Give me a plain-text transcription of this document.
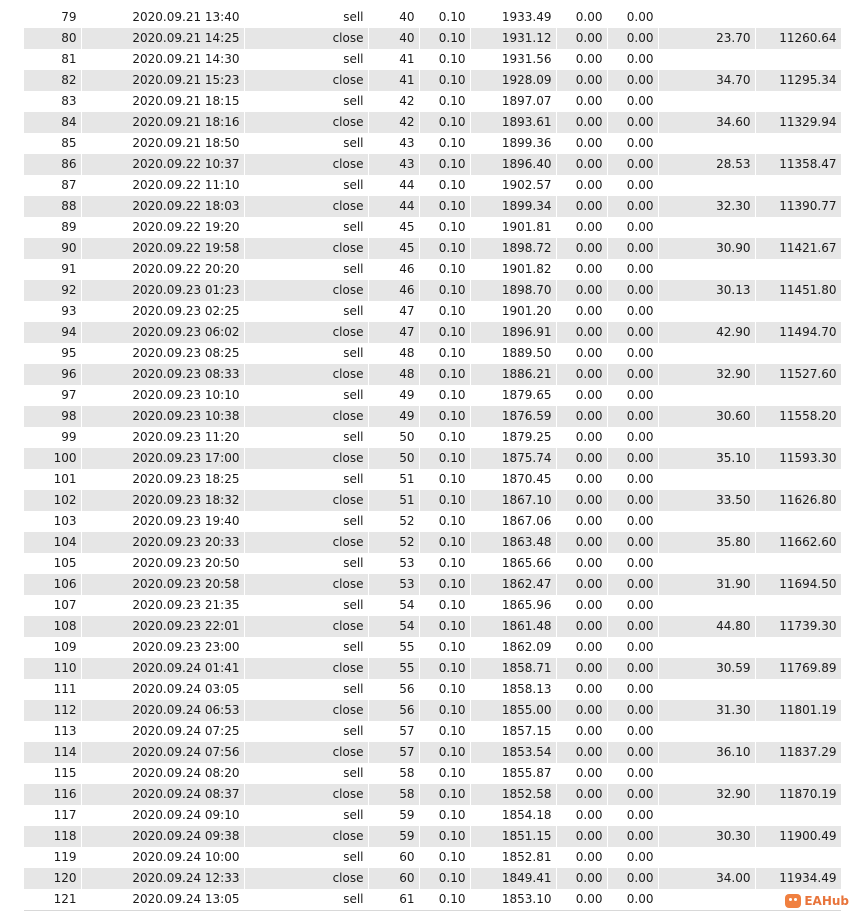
79	2020.09.21 13:40	sell	40	0.10	1933.49	0.00	0.00		
80	2020.09.21 14:25	close	40	0.10	1931.12	0.00	0.00	23.70	11260.64
81	2020.09.21 14:30	sell	41	0.10	1931.56	0.00	0.00		
82	2020.09.21 15:23	close	41	0.10	1928.09	0.00	0.00	34.70	11295.34
83	2020.09.21 18:15	sell	42	0.10	1897.07	0.00	0.00		
84	2020.09.21 18:16	close	42	0.10	1893.61	0.00	0.00	34.60	11329.94
85	2020.09.21 18:50	sell	43	0.10	1899.36	0.00	0.00		
86	2020.09.22 10:37	close	43	0.10	1896.40	0.00	0.00	28.53	11358.47
87	2020.09.22 11:10	sell	44	0.10	1902.57	0.00	0.00		
88	2020.09.22 18:03	close	44	0.10	1899.34	0.00	0.00	32.30	11390.77
89	2020.09.22 19:20	sell	45	0.10	1901.81	0.00	0.00		
90	2020.09.22 19:58	close	45	0.10	1898.72	0.00	0.00	30.90	11421.67
91	2020.09.22 20:20	sell	46	0.10	1901.82	0.00	0.00		
92	2020.09.23 01:23	close	46	0.10	1898.70	0.00	0.00	30.13	11451.80
93	2020.09.23 02:25	sell	47	0.10	1901.20	0.00	0.00		
94	2020.09.23 06:02	close	47	0.10	1896.91	0.00	0.00	42.90	11494.70
95	2020.09.23 08:25	sell	48	0.10	1889.50	0.00	0.00		
96	2020.09.23 08:33	close	48	0.10	1886.21	0.00	0.00	32.90	11527.60
97	2020.09.23 10:10	sell	49	0.10	1879.65	0.00	0.00		
98	2020.09.23 10:38	close	49	0.10	1876.59	0.00	0.00	30.60	11558.20
99	2020.09.23 11:20	sell	50	0.10	1879.25	0.00	0.00		
100	2020.09.23 17:00	close	50	0.10	1875.74	0.00	0.00	35.10	11593.30
101	2020.09.23 18:25	sell	51	0.10	1870.45	0.00	0.00		
102	2020.09.23 18:32	close	51	0.10	1867.10	0.00	0.00	33.50	11626.80
103	2020.09.23 19:40	sell	52	0.10	1867.06	0.00	0.00		
104	2020.09.23 20:33	close	52	0.10	1863.48	0.00	0.00	35.80	11662.60
105	2020.09.23 20:50	sell	53	0.10	1865.66	0.00	0.00		
106	2020.09.23 20:58	close	53	0.10	1862.47	0.00	0.00	31.90	11694.50
107	2020.09.23 21:35	sell	54	0.10	1865.96	0.00	0.00		
108	2020.09.23 22:01	close	54	0.10	1861.48	0.00	0.00	44.80	11739.30
109	2020.09.23 23:00	sell	55	0.10	1862.09	0.00	0.00		
110	2020.09.24 01:41	close	55	0.10	1858.71	0.00	0.00	30.59	11769.89
111	2020.09.24 03:05	sell	56	0.10	1858.13	0.00	0.00		
112	2020.09.24 06:53	close	56	0.10	1855.00	0.00	0.00	31.30	11801.19
113	2020.09.24 07:25	sell	57	0.10	1857.15	0.00	0.00		
114	2020.09.24 07:56	close	57	0.10	1853.54	0.00	0.00	36.10	11837.29
115	2020.09.24 08:20	sell	58	0.10	1855.87	0.00	0.00		
116	2020.09.24 08:37	close	58	0.10	1852.58	0.00	0.00	32.90	11870.19
117	2020.09.24 09:10	sell	59	0.10	1854.18	0.00	0.00		
118	2020.09.24 09:38	close	59	0.10	1851.15	0.00	0.00	30.30	11900.49
119	2020.09.24 10:00	sell	60	0.10	1852.81	0.00	0.00		
120	2020.09.24 12:33	close	60	0.10	1849.41	0.00	0.00	34.00	11934.49
121	2020.09.24 13:05	sell	61	0.10	1853.10	0.00	0.00			EAHub
